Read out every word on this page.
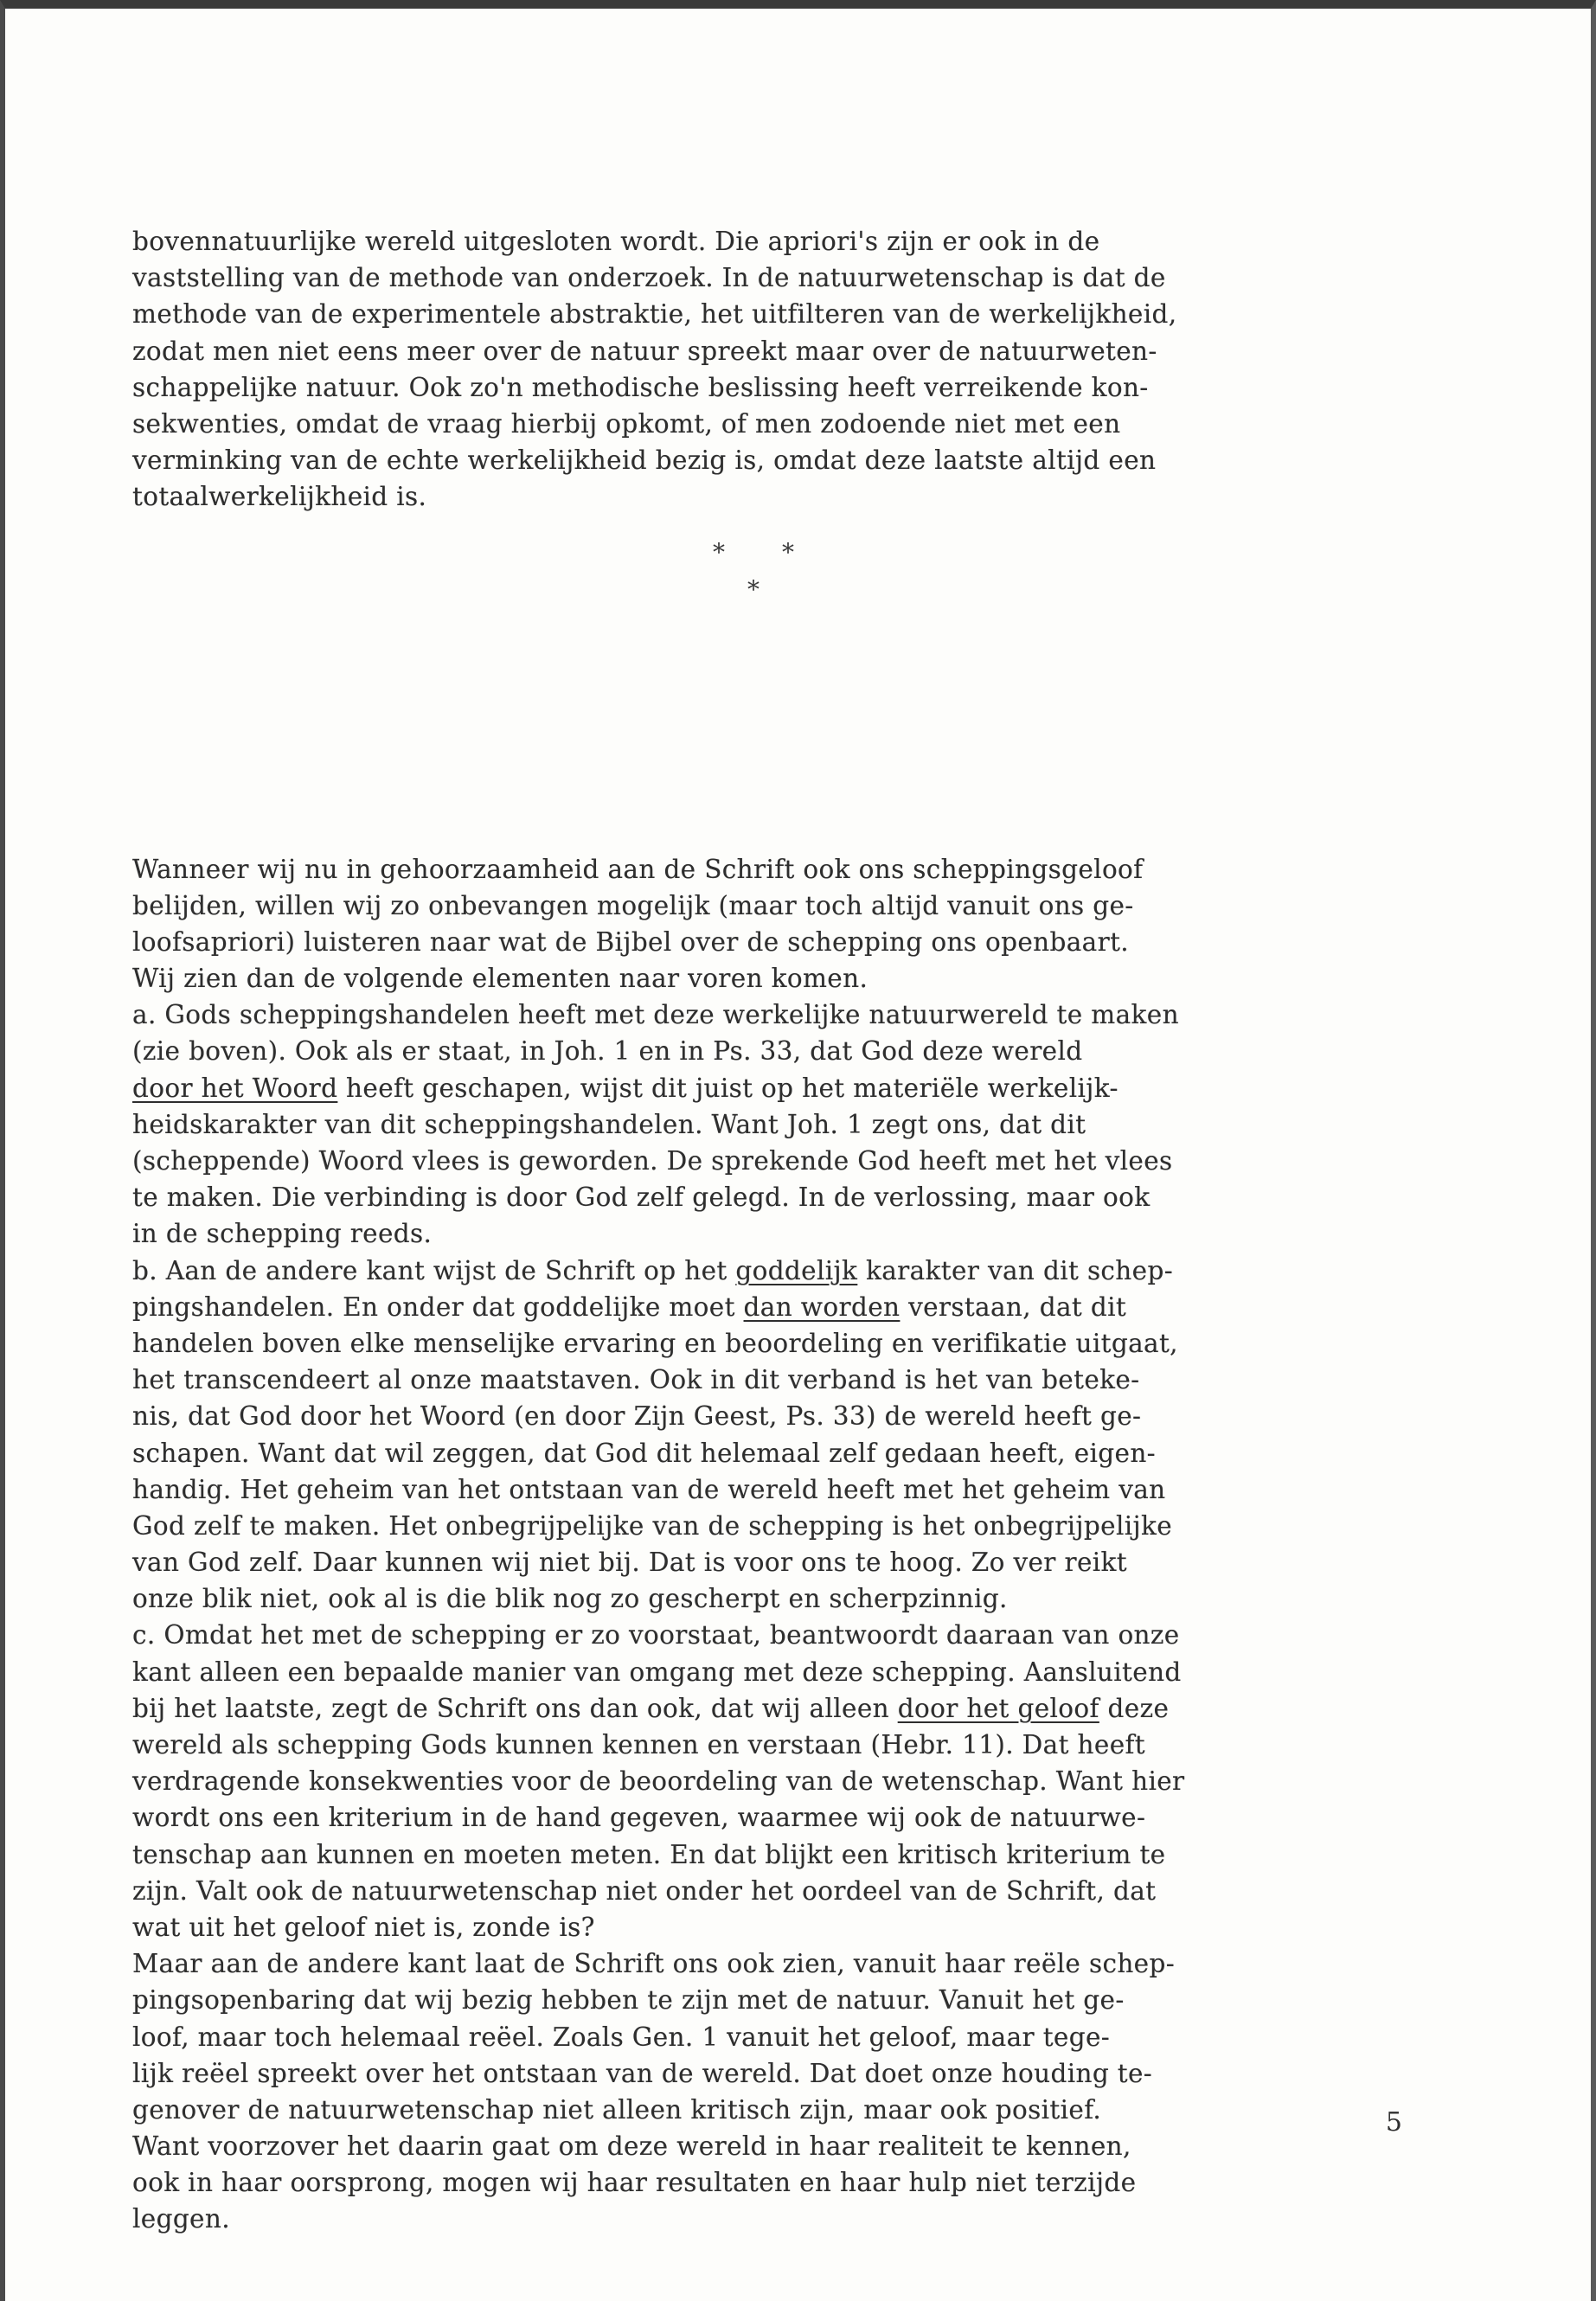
bovennatuurlijke wereld uitgesloten wordt. Die apriori's zijn er ook in de
vaststelling van de methode van onderzoek. In de natuurwetenschap is dat de
methode van de experimentele abstraktie, het uitfilteren van de werkelijkheid,
zodat men niet eens meer over de natuur spreekt maar over de natuurweten-
schappelijke natuur. Ook zo'n methodische beslissing heeft verreikende kon-
sekwenties, omdat de vraag hierbij opkomt, of men zodoende niet met een
verminking van de echte werkelijkheid bezig is, omdat deze laatste altijd een
totaalwerkelijkheid is.
Wanneer wij nu in gehoorzaamheid aan de Schrift ook ons scheppingsgeloof
belijden, willen wij zo onbevangen mogelijk (maar toch altijd vanuit ons ge-
loofsapriori) luisteren naar wat de Bijbel over de schepping ons openbaart.
Wij zien dan de volgende elementen naar voren komen.
a. Gods scheppingshandelen heeft met deze werkelijke natuurwereld te maken
(zie boven). Ook als er staat, in Joh. 1 en in Ps. 33, dat God deze wereld
door het Woord heeft geschapen, wijst dit juist op het materiële werkelijk-
heidskarakter van dit scheppingshandelen. Want Joh. 1 zegt ons, dat dit
(scheppende) Woord vlees is geworden. De sprekende God heeft met het vlees
te maken. Die verbinding is door God zelf gelegd. In de verlossing, maar ook
in de schepping reeds.
b. Aan de andere kant wijst de Schrift op het goddelijk karakter van dit schep-
pingshandelen. En onder dat goddelijke moet dan worden verstaan, dat dit
handelen boven elke menselijke ervaring en beoordeling en verifikatie uitgaat,
het transcendeert al onze maatstaven. Ook in dit verband is het van beteke-
nis, dat God door het Woord (en door Zijn Geest, Ps. 33) de wereld heeft ge-
schapen. Want dat wil zeggen, dat God dit helemaal zelf gedaan heeft, eigen-
handig. Het geheim van het ontstaan van de wereld heeft met het geheim van
God zelf te maken. Het onbegrijpelijke van de schepping is het onbegrijpelijke
van God zelf. Daar kunnen wij niet bij. Dat is voor ons te hoog. Zo ver reikt
onze blik niet, ook al is die blik nog zo gescherpt en scherpzinnig.
c. Omdat het met de schepping er zo voorstaat, beantwoordt daaraan van onze
kant alleen een bepaalde manier van omgang met deze schepping. Aansluitend
bij het laatste, zegt de Schrift ons dan ook, dat wij alleen door het geloof deze
wereld als schepping Gods kunnen kennen en verstaan (Hebr. 11). Dat heeft
verdragende konsekwenties voor de beoordeling van de wetenschap. Want hier
wordt ons een kriterium in de hand gegeven, waarmee wij ook de natuurwe-
tenschap aan kunnen en moeten meten. En dat blijkt een kritisch kriterium te
zijn. Valt ook de natuurwetenschap niet onder het oordeel van de Schrift, dat
wat uit het geloof niet is, zonde is?
Maar aan de andere kant laat de Schrift ons ook zien, vanuit haar reële schep-
pingsopenbaring dat wij bezig hebben te zijn met de natuur. Vanuit het ge-
loof, maar toch helemaal reëel. Zoals Gen. 1 vanuit het geloof, maar tege-
lijk reëel spreekt over het ontstaan van de wereld. Dat doet onze houding te-
genover de natuurwetenschap niet alleen kritisch zijn, maar ook positief.
Want voorzover het daarin gaat om deze wereld in haar realiteit te kennen,
ook in haar oorsprong, mogen wij haar resultaten en haar hulp niet terzijde
leggen.
* *
*
5
